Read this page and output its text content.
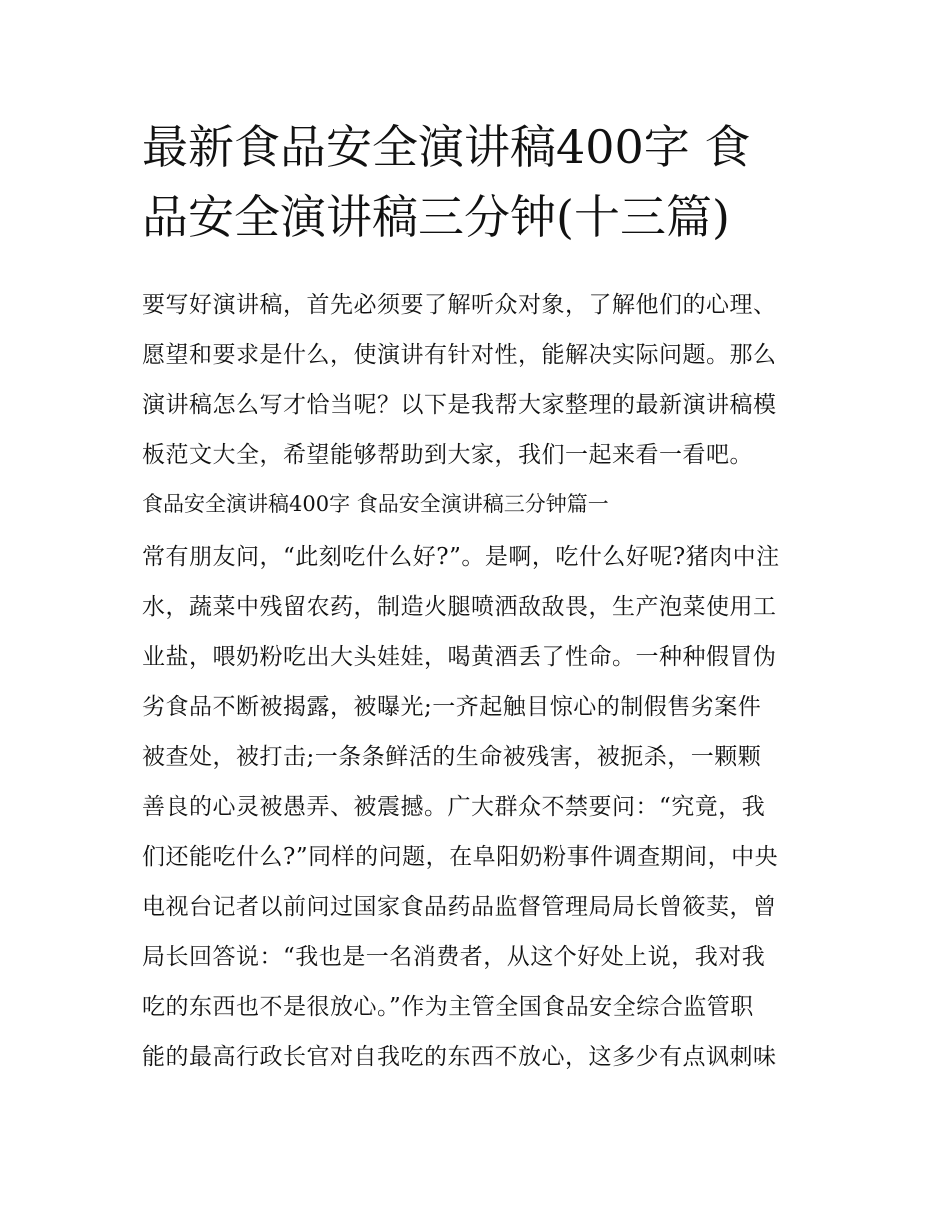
最新食品安全演讲稿400字 食
品安全演讲稿三分钟(十三篇)
要写好演讲稿，首先必须要了解听众对象，了解他们的心理、
愿望和要求是什么，使演讲有针对性，能解决实际问题。那么
演讲稿怎么写才恰当呢？以下是我帮大家整理的最新演讲稿模
板范文大全，希望能够帮助到大家，我们一起来看一看吧。
食品安全演讲稿400字 食品安全演讲稿三分钟篇一
常有朋友问，“此刻吃什么好?”。是啊，吃什么好呢?猪肉中注
水，蔬菜中残留农药，制造火腿喷洒敌敌畏，生产泡菜使用工
业盐，喂奶粉吃出大头娃娃，喝黄酒丢了性命。一种种假冒伪
劣食品不断被揭露，被曝光;一齐起触目惊心的制假售劣案件
被查处，被打击;一条条鲜活的生命被残害，被扼杀，一颗颗
善良的心灵被愚弄、被震撼。广大群众不禁要问：“究竟，我
们还能吃什么?”同样的问题，在阜阳奶粉事件调查期间，中央
电视台记者以前问过国家食品药品监督管理局局长曾筱荬，曾
局长回答说：“我也是一名消费者，从这个好处上说，我对我
吃的东西也不是很放心。”作为主管全国食品安全综合监管职
能的最高行政长官对自我吃的东西不放心，这多少有点讽刺味
